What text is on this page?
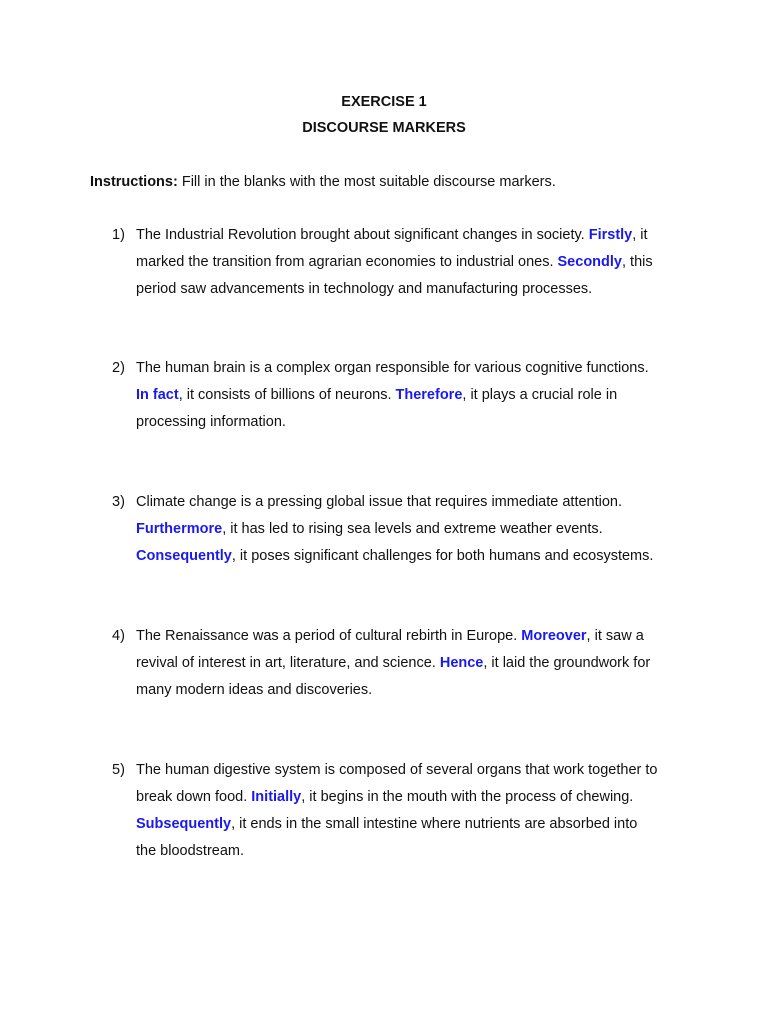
EXERCISE 1
DISCOURSE MARKERS

Instructions: Fill in the blanks with the most suitable discourse markers.

1) The Industrial Revolution brought about significant changes in society. Firstly, it
marked the transition from agrarian economies to industrial ones. Secondly, this
period saw advancements in technology and manufacturing processes.

2) The human brain is a complex organ responsible for various cognitive functions.
In fact, it consists of billions of neurons. Therefore, it plays a crucial role in
processing information.

3) Climate change is a pressing global issue that requires immediate attention.
Furthermore, it has led to rising sea levels and extreme weather events.
Consequently, it poses significant challenges for both humans and ecosystems.

4) The Renaissance was a period of cultural rebirth in Europe. Moreover, it saw a
revival of interest in art, literature, and science. Hence, it laid the groundwork for
many modern ideas and discoveries.

5) The human digestive system is composed of several organs that work together to
break down food. Initially, it begins in the mouth with the process of chewing.
Subsequently, it ends in the small intestine where nutrients are absorbed into
the bloodstream.
